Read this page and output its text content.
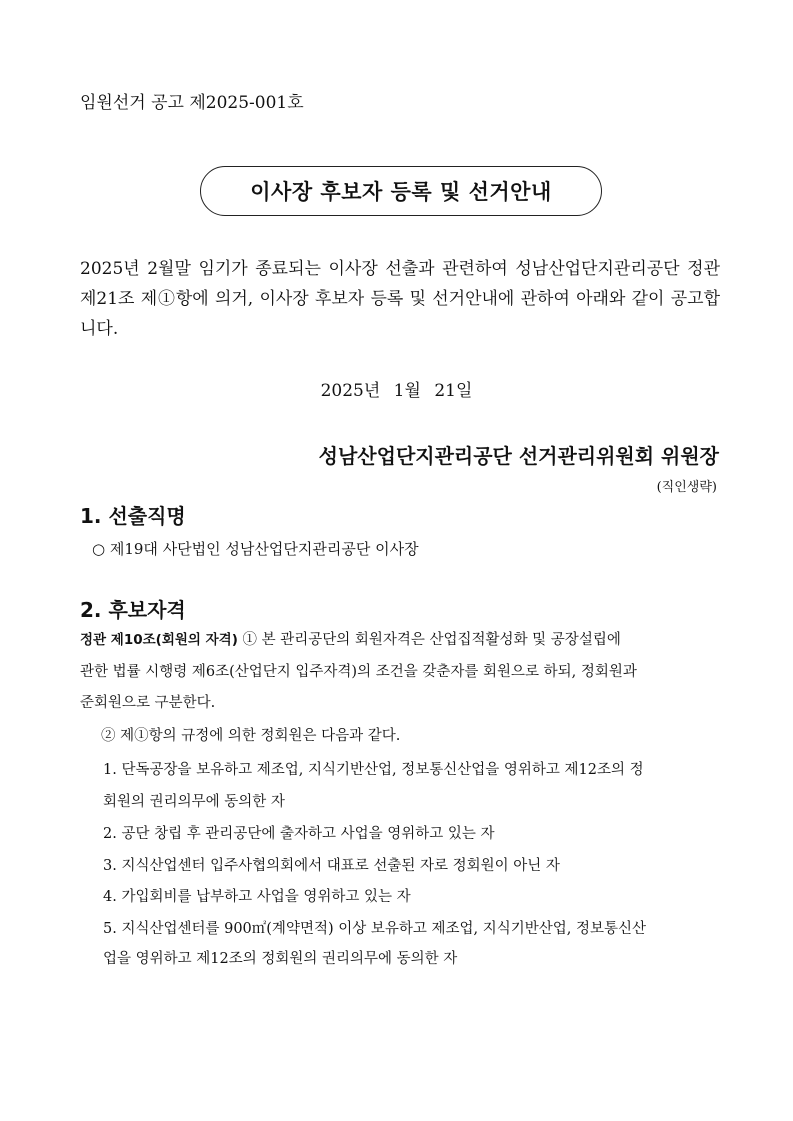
임원선거 공고 제2025-001호
이사장 후보자 등록 및 선거안내
2025년 2월말 임기가 종료되는 이사장 선출과 관련하여 성남산업단지관리공단 정관 제21조 제①항에 의거, 이사장 후보자 등록 및 선거안내에 관하여 아래와 같이 공고합니다.
2025년 1월 21일
성남산업단지관리공단 선거관리위원회 위원장
(직인생략)
1. 선출직명
○ 제19대 사단법인 성남산업단지관리공단 이사장
2. 후보자격
정관 제10조(회원의 자격) ① 본 관리공단의 회원자격은 산업집적활성화 및 공장설립에
관한 법률 시행령 제6조(산업단지 입주자격)의 조건을 갖춘자를 회원으로 하되, 정회원과
준회원으로 구분한다.
② 제①항의 규정에 의한 정회원은 다음과 같다.
1. 단독공장을 보유하고 제조업, 지식기반산업, 정보통신산업을 영위하고 제12조의 정
회원의 권리의무에 동의한 자
2. 공단 창립 후 관리공단에 출자하고 사업을 영위하고 있는 자
3. 지식산업센터 입주사협의회에서 대표로 선출된 자로 정회원이 아닌 자
4. 가입회비를 납부하고 사업을 영위하고 있는 자
5. 지식산업센터를 900㎡(계약면적) 이상 보유하고 제조업, 지식기반산업, 정보통신산
업을 영위하고 제12조의 정회원의 권리의무에 동의한 자
